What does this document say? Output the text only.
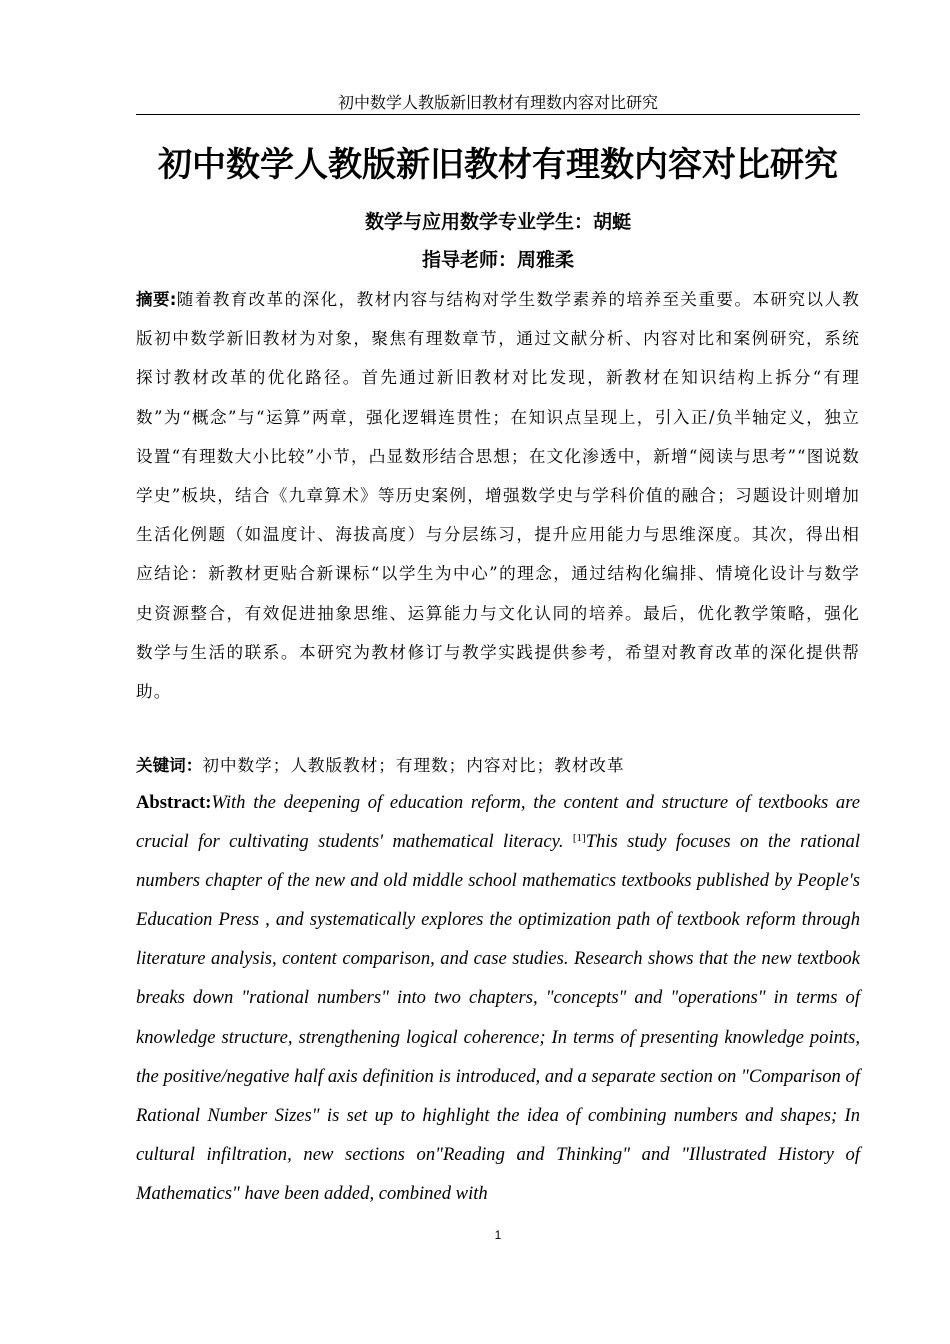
初中数学人教版新旧教材有理数内容对比研究
初中数学人教版新旧教材有理数内容对比研究
数学与应用数学专业学生：胡蜓
指导老师：周雅柔

摘要:随着教育改革的深化，教材内容与结构对学生数学素养的培养至关重要。本研究以人教版初中数学新旧教材为对象，聚焦有理数章节，通过文献分析、内容对比和案例研究，系统探讨教材改革的优化路径。首先通过新旧教材对比发现，新教材在知识结构上拆分“有理数”为“概念”与“运算”两章，强化逻辑连贯性；在知识点呈现上，引入正/负半轴定义，独立设置“有理数大小比较”小节，凸显数形结合思想；在文化渗透中，新增“阅读与思考”“图说数学史”板块，结合《九章算术》等历史案例，增强数学史与学科价值的融合；习题设计则增加生活化例题（如温度计、海拔高度）与分层练习，提升应用能力与思维深度。其次，得出相应结论：新教材更贴合新课标“以学生为中心”的理念，通过结构化编排、情境化设计与数学史资源整合，有效促进抽象思维、运算能力与文化认同的培养。最后，优化教学策略，强化数学与生活的联系。本研究为教材修订与教学实践提供参考，希望对教育改革的深化提供帮助。

关键词：初中数学；人教版教材；有理数；内容对比；教材改革

Abstract:With the deepening of education reform, the content and structure of textbooks are crucial for cultivating students' mathematical literacy. [1]This study focuses on the rational numbers chapter of the new and old middle school mathematics textbooks published by People's Education Press , and systematically explores the optimization path of textbook reform through literature analysis, content comparison, and case studies. Research shows that the new textbook breaks down "rational numbers" into two chapters, "concepts" and "operations" in terms of knowledge structure, strengthening logical coherence; In terms of presenting knowledge points, the positive/negative half axis definition is introduced, and a separate section on "Comparison of Rational Number Sizes" is set up to highlight the idea of combining numbers and shapes; In cultural infiltration, new sections on"Reading and Thinking" and "Illustrated History of Mathematics" have been added, combined with

1
